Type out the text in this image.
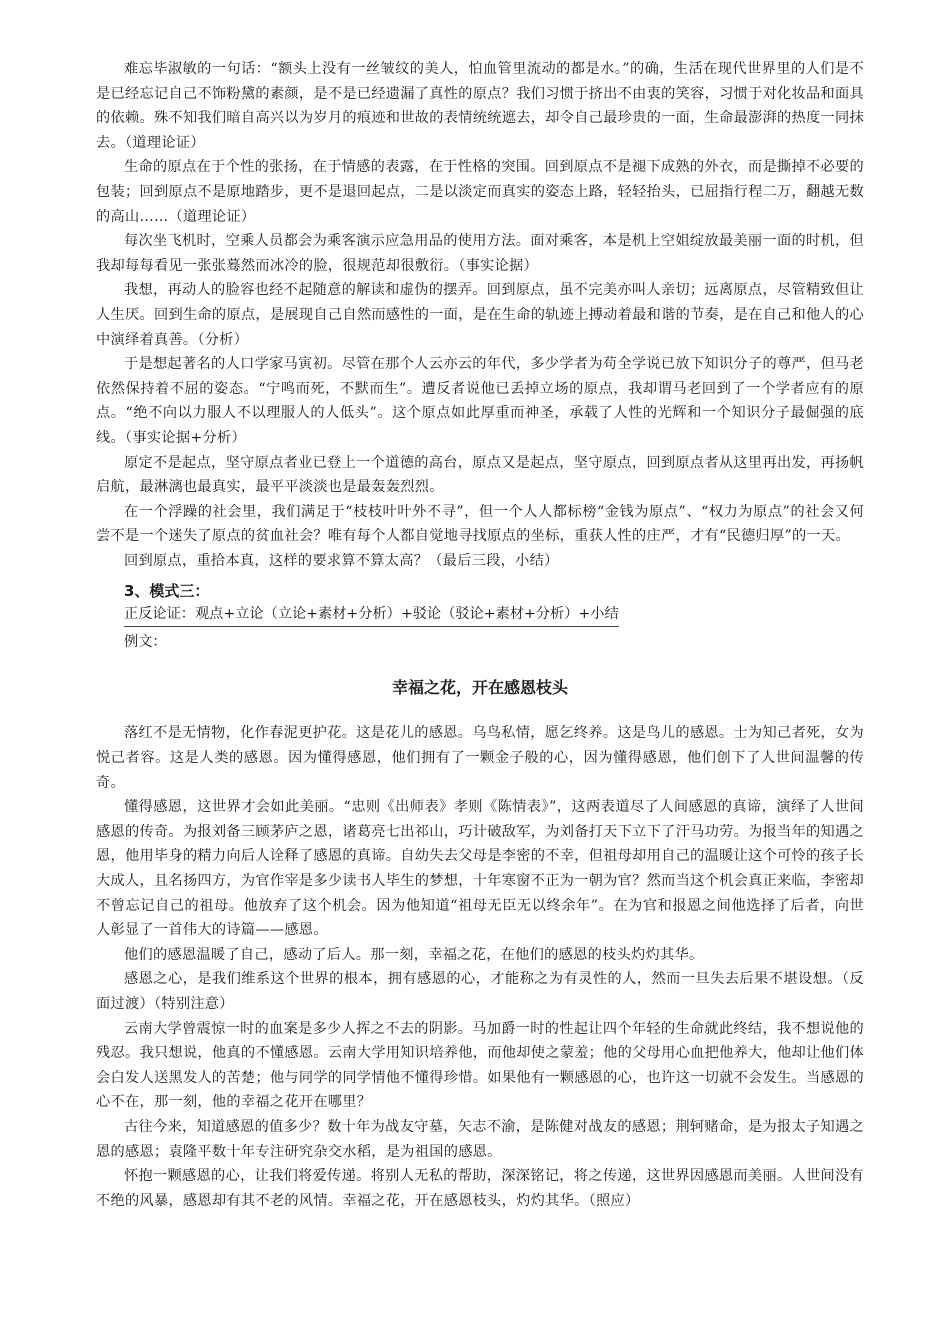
难忘毕淑敏的一句话：“额头上没有一丝皱纹的美人，怕血管里流动的都是水。”的确，生活在现代世界里的人们是不是已经忘记自己不饰粉黛的素颜，是不是已经遗漏了真性的原点？我们习惯于挤出不由衷的笑容，习惯于对化妆品和面具的依赖。殊不知我们暗自高兴以为岁月的痕迹和世故的表情统统遮去，却令自己最珍贵的一面，生命最澎湃的热度一同抹去。（道理论证）

生命的原点在于个性的张扬，在于情感的表露，在于性格的突围。回到原点不是褪下成熟的外衣，而是撕掉不必要的包装；回到原点不是原地踏步，更不是退回起点，二是以淡定而真实的姿态上路，轻轻抬头，已屈指行程二万，翻越无数的高山……（道理论证）

每次坐飞机时，空乘人员都会为乘客演示应急用品的使用方法。面对乘客，本是机上空姐绽放最美丽一面的时机，但我却每每看见一张张蓦然而冰冷的脸，很规范却很敷衍。（事实论据）

我想，再动人的脸容也经不起随意的解读和虚伪的摆弄。回到原点，虽不完美亦叫人亲切；远离原点，尽管精致但让人生厌。回到生命的原点，是展现自己自然而感性的一面，是在生命的轨迹上搏动着最和谐的节奏，是在自己和他人的心中演绎着真善。（分析）

于是想起著名的人口学家马寅初。尽管在那个人云亦云的年代，多少学者为苟全学说已放下知识分子的尊严，但马老依然保持着不屈的姿态。“宁鸣而死，不默而生”。遭反者说他已丢掉立场的原点，我却谓马老回到了一个学者应有的原点。“绝不向以力服人不以理服人的人低头”。这个原点如此厚重而神圣，承载了人性的光辉和一个知识分子最倔强的底线。（事实论据+分析）

原定不是起点，坚守原点者业已登上一个道德的高台，原点又是起点，坚守原点，回到原点者从这里再出发，再扬帆启航，最淋漓也最真实，最平平淡淡也是最轰轰烈烈。

在一个浮躁的社会里，我们满足于“枝枝叶叶外不寻”，但一个人人都标榜“金钱为原点”、“权力为原点”的社会又何尝不是一个迷失了原点的贫血社会？唯有每个人都自觉地寻找原点的坐标，重获人性的庄严，才有“民德归厚”的一天。

回到原点，重拾本真，这样的要求算不算太高？（最后三段，小结）

3、模式三：

正反论证：观点+立论（立论+素材+分析）+驳论（驳论+素材+分析）+小结

例文：

幸福之花，开在感恩枝头

落红不是无情物，化作春泥更护花。这是花儿的感恩。乌鸟私情，愿乞终养。这是鸟儿的感恩。士为知己者死，女为悦己者容。这是人类的感恩。因为懂得感恩，他们拥有了一颗金子般的心，因为懂得感恩，他们创下了人世间温馨的传奇。

懂得感恩，这世界才会如此美丽。“忠则《出师表》孝则《陈情表》”，这两表道尽了人间感恩的真谛，演绎了人世间感恩的传奇。为报刘备三顾茅庐之恩，诸葛亮七出祁山，巧计破敌军，为刘备打天下立下了汗马功劳。为报当年的知遇之恩，他用毕身的精力向后人诠释了感恩的真谛。自幼失去父母是李密的不幸，但祖母却用自己的温暖让这个可怜的孩子长大成人，且名扬四方，为官作宰是多少读书人毕生的梦想，十年寒窗不正为一朝为官？然而当这个机会真正来临，李密却不曾忘记自己的祖母。他放弃了这个机会。因为他知道“祖母无臣无以终余年”。在为官和报恩之间他选择了后者，向世人彰显了一首伟大的诗篇——感恩。

他们的感恩温暖了自己，感动了后人。那一刻，幸福之花，在他们的感恩的枝头灼灼其华。

感恩之心，是我们维系这个世界的根本，拥有感恩的心，才能称之为有灵性的人，然而一旦失去后果不堪设想。（反面过渡）（特别注意）

云南大学曾震惊一时的血案是多少人挥之不去的阴影。马加爵一时的性起让四个年轻的生命就此终结，我不想说他的残忍。我只想说，他真的不懂感恩。云南大学用知识培养他，而他却使之蒙羞；他的父母用心血把他养大，他却让他们体会白发人送黑发人的苦楚；他与同学的同学情他不懂得珍惜。如果他有一颗感恩的心，也许这一切就不会发生。当感恩的心不在，那一刻，他的幸福之花开在哪里？

古往今来，知道感恩的值多少？数十年为战友守墓，矢志不渝，是陈健对战友的感恩；荆轲赌命，是为报太子知遇之恩的感恩；袁隆平数十年专注研究杂交水稻，是为祖国的感恩。

怀抱一颗感恩的心，让我们将爱传递。将别人无私的帮助，深深铭记，将之传递，这世界因感恩而美丽。人世间没有不绝的风暴，感恩却有其不老的风情。幸福之花，开在感恩枝头，灼灼其华。（照应）
